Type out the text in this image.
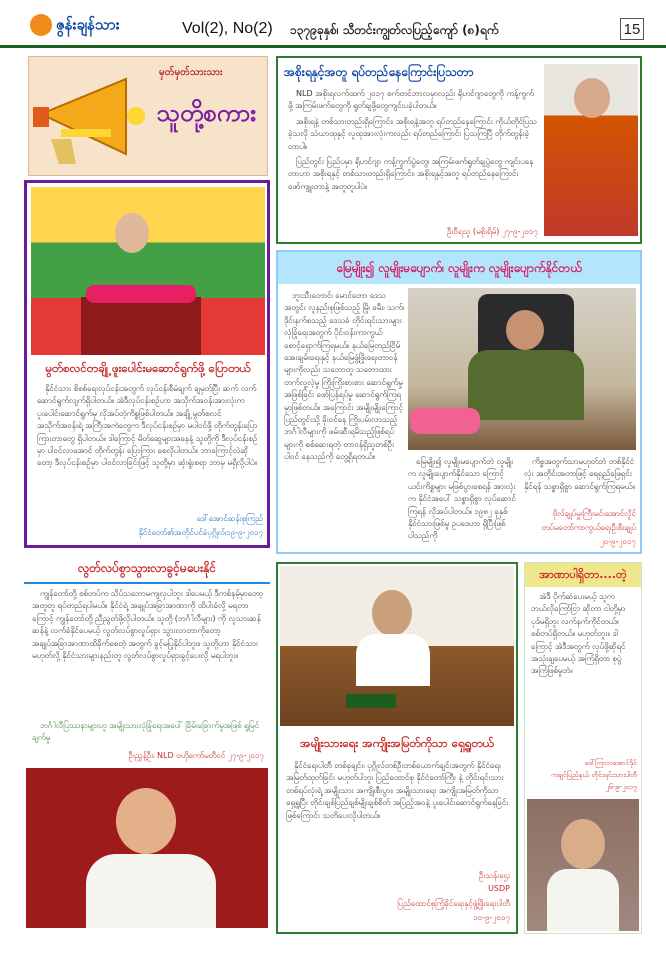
ဇွန်းချန်သား	Vol(2), No(2) ၁၃၇၉ခုနှစ်၊ သီတင်းကျွတ်လပြည့်ကျော် (၈)ရက်	15
မှတ်မှတ်သားသား
သူတို့စကား
အစိုးရနှင့်အတူ ရပ်တည်နေကြောင်းပြသတာ

NLD အစိုးရလက်ထက် ၂၀၁၇ စက်တင်ဘာလမှာလည်း ရိုဟင်ဂျာတွေကို ကန့်ကွက်ဖို့ အကြမ်းဖက်တွေကို ရှုတ်ချဖို့တွေကျင်းပခဲ့ပါတယ်။

အစိုးရနဲ့ တစ်သားတည်းရှိကြောင်း၊ အစိုးရနဲ့အတူ ရပ်တည်နေကြောင်း ကိုယ်တိုင်ပြသခဲ့သလို သံဃာထုနှင့် လူထုအားလုံးကလည်း ရပ်တည်ကြောင်း ပြသကြပြီ တိုက်တွန်းခဲ့တာပါ။

ပြည်တွင်း ပြည်ပမှာ ရိုဟင်ဂျာ ကန့်ကွက်ပွဲတွေ၊ အကြမ်းဖက်ရှုတ်ချပွဲတွေ ကျင်းပနေတာဟာ အစိုးရနှင့် တစ်သားတည်းရှိကြောင်း၊ အစိုးရနှင့်အတူ ရပ်တည်နေကြောင်း ဖော်ကျူးတာနဲ့ အတူတူပါပဲ။

ဦးဝီရသူ (မစိုးရိမ်) ၂၇-၉-၂၀၁၇
မွတ်စလင်တချို့ ဖူးပေါင်းမဆောင်ရွက်ဖို့ ပြောတယ်
နိုင်ငံသား စိစစ်ရေးလုပ်ငန်းအတွက် လုပ်ငန်းစီမံချက် ချမှတ်ပြီး ဆက် လက် ဆောင်ရွက်လျက်ရှိပါတယ်။ အဲဒီလုပ်ငန်းစဉ်ဟာ အသိုက်အဝန်းအားလုံးက ပူးပေါင်းဆောင်ရွက်မှ လိုအပ်တဲ့ကိစ္စဖြစ်ပါတယ်။ အချို့ မွတ်စလင် အသိုက်အဝန်းရဲ့ အကြီးအကဲတွေက ဒီလုပ်ငန်းစဉ်မှာ မပါဝင်ဖို့ တိုက်တွန်းပြောကြားတာတွေ ရှိပါတယ်။ ဒါကြောင့် မိတ်ဆွေများအနေနဲ့ သူတို့ကို ဒီလုပ်ငန်းစဉ်မှာ ပါဝင်လာအောင် တိုက်တွန်း ပြောကြား စေလိုပါတယ်။ ဘာကြောင့်လဲဆိုတော့ ဒီလုပ်ငန်းစဉ်မှာ ပါဝင်လာခြင်းဖြင့် သူတို့မှာ ဆုံးရှုံးစရာ ဘာမှ မရှိလို့ပါပဲ။
ဒေါ်အောင်ဆန်းစုကြည်
နိုင်ငံတော်၏အတိုင်ပင်ခံပုဂ္ဂိုလ်၊၁၉-၉-၂၀၁၇
မြေမျိုး၍ လူမျိုးမပျောက်၊ လူမျိုးက လူမျိုးပျောက်နိုင်တယ်
ဘူးသီးတောင်၊ မောင်တော ဒေသအတွင်း လူနည်းစုဖြစ်သည့် မြို၊ ခမီး၊ သက်၊ ဒိုင်းနက်စသည့် ဒေသခံ တိုင်းရင်းသားများလုံခြုံရေးအတွက် ပိုင်းဝန်းကာကွယ် စောင့်ရှောက်ကြရမယ်။ နယ်မြေတည်ငြိမ် အေးချမ်းရေးနှင့် နယ်မြေဖွံ့ဖြိုးရေးတာဝန်များကိုလည်း သဘောတူ သဘောထားတက်လူ့လဲ့မှု ကြိုးကြိုးစားစား ဆောင်ရွက်မှုအဖြစ်ခြင်း ဖော်ပြန်ရပ်မှု ဆောင်ရွက်ကြရမှာဖြစ်တယ်။ အကြောင်း အမျိုးမျိုးကြောင့် ပြည်တွင်းသို့ ခိုးဝင်နေ ကြိုးပမ်းလာသည့် ဘင်္ဂါလီများကို ဖမ်းဆီးရမိသည့်ဖြစ်ရပ်များကို စစ်ဆေးရတဲ့ တာဝန်ရှိသူတစ်ဦး ပါဝင် နေသည်ကို တွေ့ရှိရတယ်။
မြေမျိုး၍ လူမျိုးမပျောက်ဘဲ လူမျိုးက လူမျိုးပျောက်နိုင်သော ကြောင့် ယင်းကိစ္စများ မဖြစ်ပွားစေရန် အားလုံးက နိုင်ငံအပေါ် သစ္စာရှိစွာ လုပ်ဆောင်ကြရန် လိုအပ်ပါတယ်။ ၁၉၈၂ ခုနှစ် နိုင်ငံသားဖြစ်မှု ဥပဒေဟာ ရှိပြီးဖြစ်ပါသည်ကို
ကိစ္စအတွက်သာမဟုတ်ဘဲ တစ်နိုင်ငံလုံး အတိုင်းအတာဖြင့် ရေရှည်ဖြေရှင်းနိုင်ရန် သစ္စာရှိစွာ ဆောင်ရွက်ကြရမယ်။
ဗိုလ်ချုပ်မှူးကြီးမင်းအောင်လှိုင်
တပ်မတော်ကာကွယ်ရေးဦးစီးချုပ်
၂၀-၉-၂၀၁၇
လွတ်လပ်စွာသွားလာခွင့်မပေးနိုင်
ကျွန်တော်တို့ စစ်တပ်က သိပ်သဘောမကျလှပါဘူး ဒါပေမယ့် ဒီကစ်နမ့်မှာတော့ အတူတူ ရပ်တည်ရပါမယ်။ နိုင်ငံရဲ့ အချုပ်အခြာအာဏာကို ထိပါးခံလို့ မရတာကြောင့် ကျွန်တော်တို့ ညီညွတ်ဖို့လိုပါတယ်။ သူတို့ (ဘင်္ဂါလီများ) ကို လူသားဆန်ဆန်နဲ့ လက်ခံနိုင်ပေမယ့် လွတ်လပ်စွာလှုပ်ရှား သွားလာတာကိုတော့ အချုပ်အခြာအာဏာထိခိုက်စေတဲ့ အတွက် ခွင့်မပြုနိုင်ပါဘူး။ သူတို့ဟာ နိုင်ငံသားမဟုတ်လို့ နိုင်ငံသားများနည်းတူ လွတ်လပ်စွာလှုပ်ရှားခွင့်ပေးလို့ မရပါဘူး။
ဘင်္ဂါလီပြဿနာများဟူ အမျိုးသားလုံခြုံရေးအပေါ် ခြိမ်းခြောက်မှုအဖြစ် ရှုမြင်ချက်မှု
ဦးညွှန့်ဦး၊ NLD ဗဟိုကော်မတီဝင် ၂၇-၉-၂၀၁၇
အမျိုးသားရေး အကျိုးအမြတ်ကိုသာ ရှေ့ရှုတယ်
နိုင်ငံရေးပါတီ တစ်ခုချင်း၊ ပုဂ္ဂိုလ်တစ်ဦးတစ်ယောက်ချင်းအတွက် နိုင်ငံရေးအမြတ်ထုတ်ခြင်း မဟုတ်ပါဘူး ပြည်ထောင်စု နိုင်ငံတော်ကြီး နဲ့ တိုင်းရင်းသား တစ်ရပ်လုံးရဲ့ အမျိုးသား အကျိုးစီးပွား၊ အမျိုးသားရေး အကျိုးအမြတ်ကိုသာ ရှေ့ရှုပြီး တိုင်းချစ်ပြည်ချစ်မျိုးချစ်စိတ် အပြည့်အဝနဲ့ ပူးပေါင်းဆောင်ရွက်နေခြင်း ဖြစ်ကြောင်း သတိပေးလိုပါတယ်။
ဦးသန်းဌေး
USDP
ပြည်ထောင်စုကြံ့ခိုင်ရေးနှင့်ဖွံ့ဖြိုးရေးပါတီ
၁၀-၉-၂၀၁၇
အာဏာပါရှိတာ....တဲ့
အဲဒီ ပိုက်ဆံပေးမယ့် သူကဘယ်လိုကြော်ငြာ ဆိုတာ ငါတို့မှာ ပုဒ်မရှိဘူး လက်နက်ကိုင်တယ်။ စစ်တပ်ရှိတယ်။ မဟုတ်ဘူး။ ဒါကြောင့် အဲဒီအတွက် လုပ်ဖို့ဆိုရင် အသုံးချပေမယ့် အကြံရှိတာ စုပွဲအကြံဖြစ်မှုဘဲ။
ဒေါ်ကြာဘအောင်ဒိုင်
ကချင်ပြည်နယ် တိုင်းရင်းသားပါတီ
၂၆-၉-၂၀၁၇
